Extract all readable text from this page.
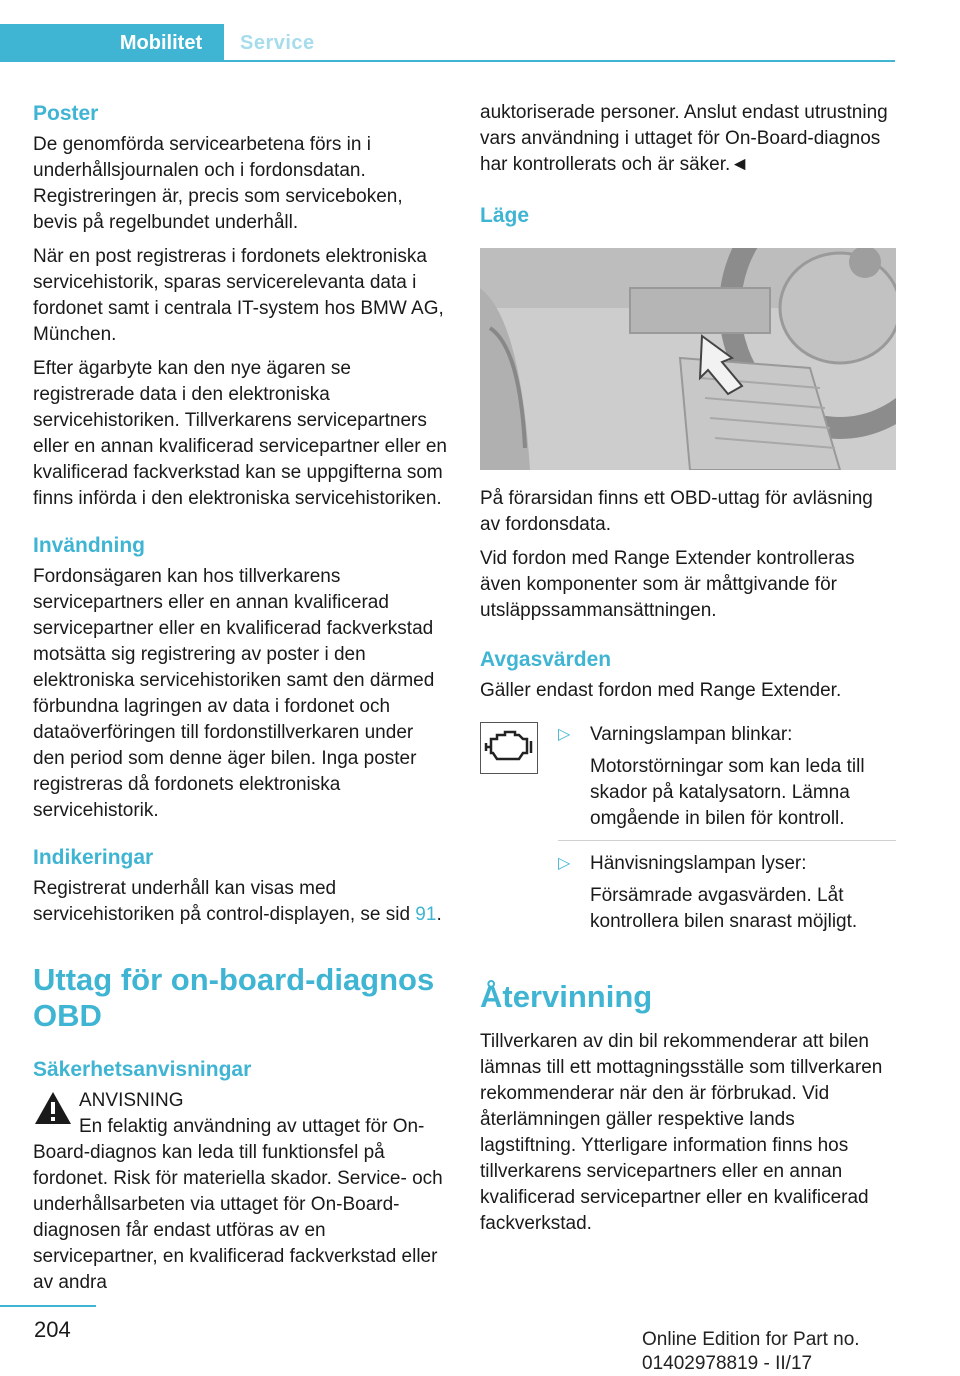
Mobilitet	Service
Poster

De genomförda servicearbetena förs in i underhållsjournalen och i fordonsdatan. Registreringen är, precis som serviceboken, bevis på regelbundet underhåll.

När en post registreras i fordonets elektroniska servicehistorik, sparas servicerelevanta data i fordonet samt i centrala IT-system hos BMW AG, München.

Efter ägarbyte kan den nye ägaren se registrerade data i den elektroniska servicehistoriken. Tillverkarens servicepartners eller en annan kvalificerad servicepartner eller en kvalificerad fackverkstad kan se uppgifterna som finns införda i den elektroniska servicehistoriken.

Invändning

Fordonsägaren kan hos tillverkarens servicepartners eller en annan kvalificerad servicepartner eller en kvalificerad fackverkstad motsätta sig registrering av poster i den elektroniska servicehistoriken samt den därmed förbundna lagringen av data i fordonet och dataöverföringen till fordonstillverkaren under den period som denne äger bilen. Inga poster registreras då fordonets elektroniska servicehistorik.

Indikeringar

Registrerat underhåll kan visas med servicehistoriken på control-displayen, se sid 91.

Uttag för on-board-diagnos OBD
Säkerhetsanvisningar
ANVISNING
En felaktig användning av uttaget för On-
Board-diagnos kan leda till funktionsfel på fordonet. Risk för materiella skador. Service- och underhållsarbeten via uttaget för On-Board-diagnosen får endast utföras av en servicepartner, en kvalificerad fackverkstad eller av andra

auktoriserade personer. Anslut endast utrustning vars användning i uttaget för On-Board-diagnos har kontrollerats och är säker.◄

Läge

På förarsidan finns ett OBD-uttag för avläsning av fordonsdata.

Vid fordon med Range Extender kontrolleras även komponenter som är måttgivande för utsläppssammansättningen.

Avgasvärden

Gäller endast fordon med Range Extender.

▷ Varningslampan blinkar:
Motorstörningar som kan leda till skador på katalysatorn. Lämna omgående in bilen för kontroll.
▷ Hänvisningslampan lyser:
Försämrade avgasvärden. Låt kontrollera bilen snarast möjligt.
Återvinning

Tillverkaren av din bil rekommenderar att bilen lämnas till ett mottagningsställe som tillverkaren rekommenderar när den är förbrukad. Vid återlämningen gäller respektive lands lagstiftning. Ytterligare information finns hos tillverkarens servicepartners eller en annan kvalificerad servicepartner eller en kvalificerad fackverkstad.

204	Online Edition for Part no. 01402978819 - II/17
